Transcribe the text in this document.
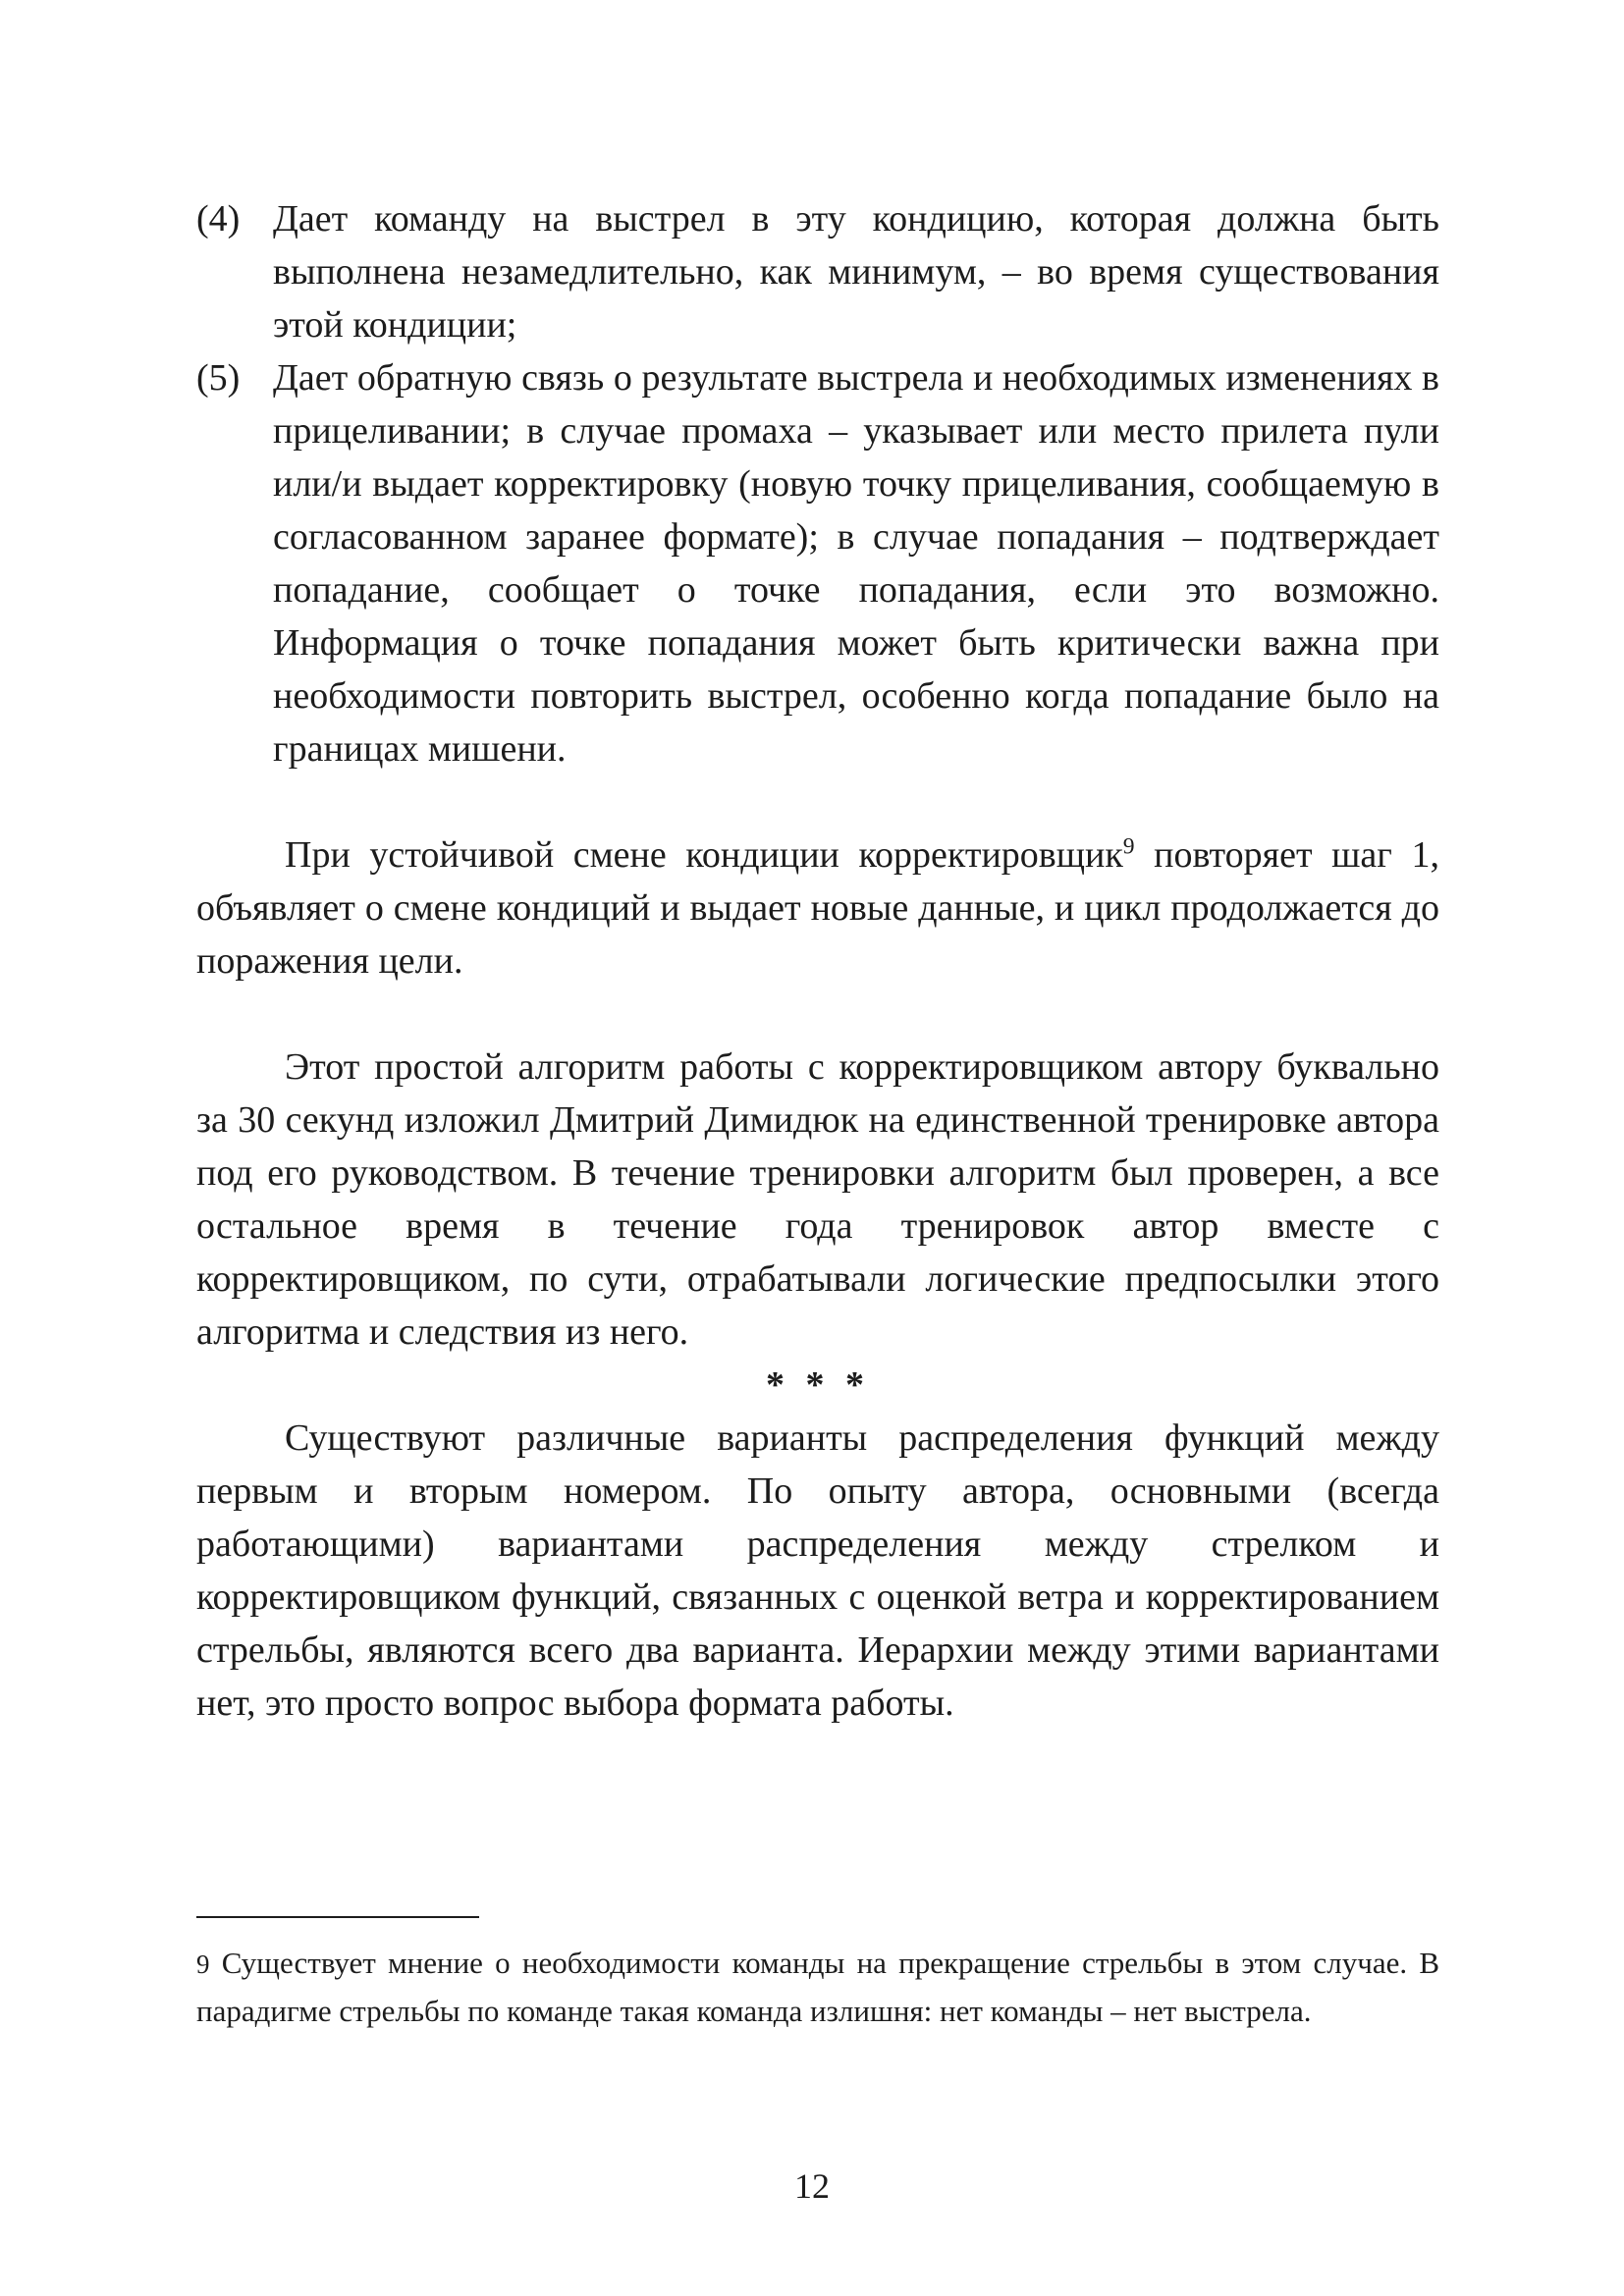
(4) Дает команду на выстрел в эту кондицию, которая должна быть выполнена незамедлительно, как минимум, – во время существования этой кондиции;
(5) Дает обратную связь о результате выстрела и необходимых изменениях в прицеливании; в случае промаха – указывает или место прилета пули или/и выдает корректировку (новую точку прицеливания, сообщаемую в согласованном заранее формате); в случае попадания – подтверждает попадание, сообщает о точке попадания, если это возможно. Информация о точке попадания может быть критически важна при необходимости повторить выстрел, особенно когда попадание было на границах мишени.

При устойчивой смене кондиции корректировщик$^9$ повторяет шаг 1, объявляет о смене кондиций и выдает новые данные, и цикл продолжается до поражения цели.

Этот простой алгоритм работы с корректировщиком автору буквально за 30 секунд изложил Дмитрий Димидюк на единственной тренировке автора под его руководством. В течение тренировки алгоритм был проверен, а все остальное время в течение года тренировок автор вместе с корректировщиком, по сути, отрабатывали логические предпосылки этого алгоритма и следствия из него.

* * *

Существуют различные варианты распределения функций между первым и вторым номером. По опыту автора, основными (всегда работающими) вариантами распределения между стрелком и корректировщиком функций, связанных с оценкой ветра и корректированием стрельбы, являются всего два варианта. Иерархии между этими вариантами нет, это просто вопрос выбора формата работы.

9 Существует мнение о необходимости команды на прекращение стрельбы в этом случае. В парадигме стрельбы по команде такая команда излишня: нет команды – нет выстрела.

12
